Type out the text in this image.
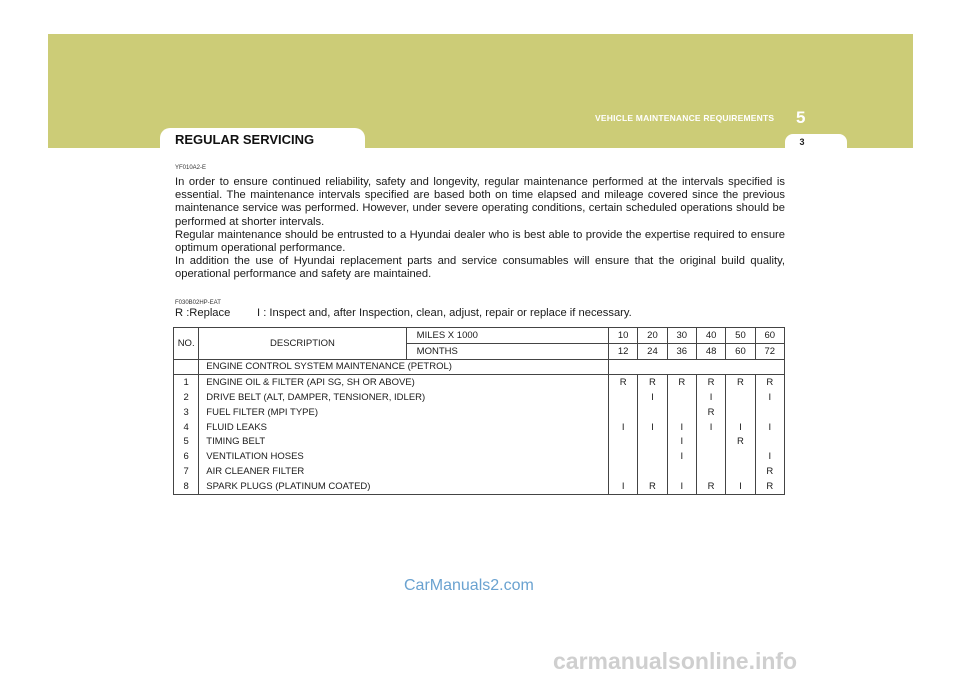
VEHICLE MAINTENANCE REQUIREMENTS 5
3
REGULAR SERVICING
YF010A2-E

In order to ensure continued reliability, safety and longevity, regular maintenance performed at the intervals specified is essential. The maintenance intervals specified are based both on time elapsed and mileage covered since the previous maintenance service was performed. However, under severe operating conditions, certain scheduled operations should be performed at shorter intervals.

Regular maintenance should be entrusted to a Hyundai dealer who is best able to provide the expertise required to ensure optimum operational performance.

In addition the use of Hyundai replacement parts and service consumables will ensure that the original build quality, operational performance and safety are maintained.

F030B02HP-EAT
R :Replace I : Inspect and, after Inspection, clean, adjust, repair or replace if necessary.
NO.	DESCRIPTION	MILES X 1000	10	20	30	40	50	60
		MONTHS	12	24	36	48	60	72
	ENGINE CONTROL SYSTEM MAINTENANCE (PETROL)							
1	ENGINE OIL & FILTER (API SG, SH OR ABOVE)		R	R	R	R	R	R
2	DRIVE BELT (ALT, DAMPER, TENSIONER, IDLER)			I		I		I
3	FUEL FILTER (MPI TYPE)					R		
4	FLUID LEAKS		I	I	I	I	I	I
5	TIMING BELT				I		R	
6	VENTILATION HOSES				I			I
7	AIR CLEANER FILTER							R
8	SPARK PLUGS (PLATINUM COATED)		I	R	I	R	I	R
CarManuals2.com
carmanualsonline.info
